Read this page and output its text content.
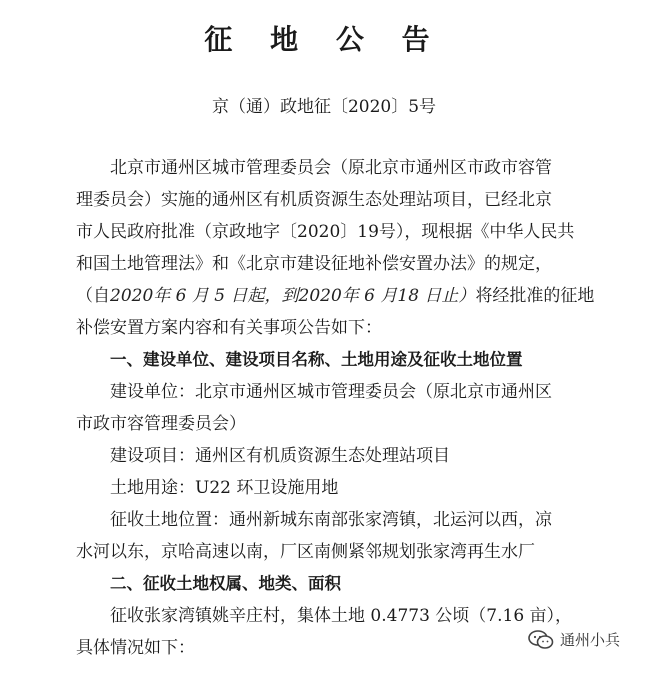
征 地 公 告
京（通）政地征〔2020〕5号
北京市通州区城市管理委员会（原北京市通州区市政市容管
理委员会）实施的通州区有机质资源生态处理站项目，已经北京
市人民政府批准（京政地字〔2020〕19号），现根据《中华人民共
和国土地管理法》和《北京市建设征地补偿安置办法》的规定，
（自2020年 6 月 5 日起，到2020年 6 月18 日止）将经批准的征地
补偿安置方案内容和有关事项公告如下：
一、建设单位、建设项目名称、土地用途及征收土地位置
建设单位：北京市通州区城市管理委员会（原北京市通州区
市政市容管理委员会）
建设项目：通州区有机质资源生态处理站项目
土地用途：U22 环卫设施用地
征收土地位置：通州新城东南部张家湾镇，北运河以西，凉
水河以东，京哈高速以南，厂区南侧紧邻规划张家湾再生水厂
二、征收土地权属、地类、面积
征收张家湾镇姚辛庄村，集体土地 0.4773 公顷（7.16 亩），
具体情况如下：	通州小兵
